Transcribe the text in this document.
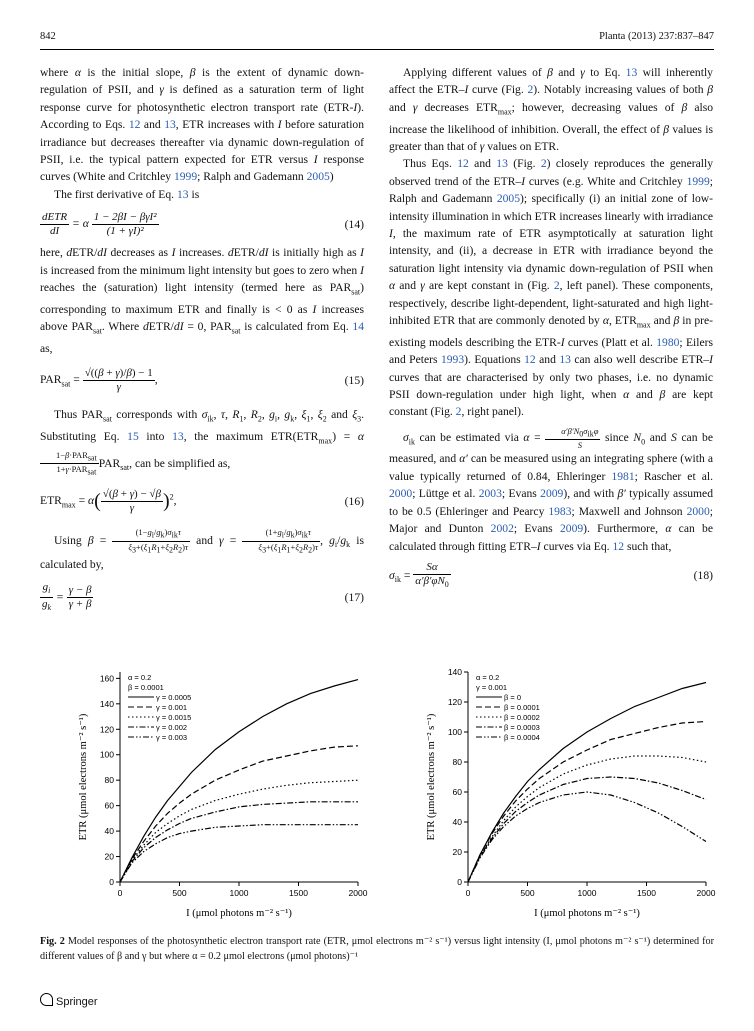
842	Planta (2013) 237:837–847

where α is the initial slope, β is the extent of dynamic down-regulation of PSII, and γ is defined as a saturation term of light response curve for photosynthetic electron transport rate (ETR-I). According to Eqs. 12 and 13, ETR increases with I before saturation irradiance but decreases thereafter via dynamic down-regulation of PSII, i.e. the typical pattern expected for ETR versus I response curves (White and Critchley 1999; Ralph and Gademann 2005)

The first derivative of Eq. 13 is

$\frac{\text{dETR}}{dI} = \alpha \frac{\text{1 − 2βI − βγI²}}{\text{(1 + γI)²}}$	(14)

here, dETR/dI decreases as I increases. dETR/dI is initially high as I is increased from the minimum light intensity but goes to zero when I reaches the (saturation) light intensity (termed here as $PAR_{sat}$) corresponding to maximum ETR and finally is < 0 as I increases above $PAR_{sat}$. Where dETR/dI = 0, $PAR_{sat}$ is calculated from Eq. 14 as,

$PAR_{sat} = \frac{√((\beta + \gamma)/\beta) - 1}{\gamma}$ ,	(15)

Thus $PAR_{sat}$ corresponds with $\sigma_{ik}$, τ, $R_1$, $R_2$, $g_i$, $g_k$, $\xi_1$, $\xi_2$ and $\xi_3$. Substituting Eq. 15 into 13, the maximum $ETR(ETR_{max}) = \alpha$
$\frac{1-\beta\cdot PAR_{sat}}{1+\gamma\cdot PAR_{sat}} PAR_{sat}$, can be simplified as,

$ETR_{max} = \alpha( \frac{√(\beta + \gamma) - √\beta}{\gamma} )^2$,	(16)

Using $\beta = \frac{(1-g_i/g_k)\sigma_{ik}\tau}{\xi_3+(\xi_1R_1+\xi_2R_2)\tau}$ and $\gamma = \frac{(1+g_i/g_k)\sigma_{ik}\tau}{\xi_3+(\xi_1R_1+\xi_2R_2)\tau}$ , $g_i/g_k$ is calculated by,

$\frac{g_i}{g_k} = \frac{\gamma - \beta}{\gamma + \beta}$	(17)

Applying different values of β and γ to Eq. 13 will inherently affect the ETR–I curve (Fig. 2). Notably increasing values of both β and γ decreases $ETR_{max}$; however, decreasing values of β also increase the likelihood of inhibition. Overall, the effect of β values is greater than that of γ values on ETR.

Thus Eqs. 12 and 13 (Fig. 2) closely reproduces the generally observed trend of the ETR–I curves (e.g. White and Critchley 1999; Ralph and Gademann 2005); specifically (i) an initial zone of low-intensity illumination in which ETR increases linearly with irradiance I, the maximum rate of ETR asymptotically at saturation light intensity, and (ii), a decrease in ETR with irradiance beyond the saturation light intensity via dynamic down-regulation of PSII when α and γ are kept constant in (Fig. 2, left panel). These components, respectively, describe light-dependent, light-saturated and high light-inhibited ETR that are commonly denoted by α, $ETR_{max}$ and β in pre-existing models describing the ETR-I curves (Platt et al. 1980; Eilers and Peters 1993). Equations 12 and 13 can also well describe ETR–I curves that are characterised by only two phases, i.e. no dynamic PSII down-regulation under high light, when α and β are kept constant (Fig. 2, right panel).

$\sigma_{ik}$ can be estimated via $\alpha = \frac{\alpha'\beta'N_0\sigma_{ik}\varphi}{S}$ since $N_0$ and S can be measured, and α′ can be measured using an integrating sphere (with a value typically returned of 0.84, Ehleringer 1981; Rascher et al. 2000; Lüttge et al. 2003; Evans 2009), and with β′ typically assumed to be 0.5 (Ehleringer and Pearcy 1983; Maxwell and Johnson 2000; Major and Dunton 2002; Evans 2009). Furthermore, α can be calculated through fitting ETR–I curves via Eq. 12 such that,

$\sigma_{ik} = \frac{S\alpha}{\alpha'\beta'\varphi N_0}$	(18)
0	500	1000	1500	2000
0
20
40
60
80
100
120
140
160
I (μmol photons m⁻² s⁻¹)
ETR (μmol electrons m⁻² s⁻¹)
α = 0.2
β = 0.0001
γ = 0.0005
γ = 0.001
γ = 0.0015
γ = 0.002
γ = 0.003
0	500	1000	1500	2000
0
20
40
60
80
100
120
140
I (μmol photons m⁻² s⁻¹)
ETR (μmol electrons m⁻² s⁻¹)
α = 0.2
γ = 0.001
β = 0
β = 0.0001
β = 0.0002
β = 0.0003
β = 0.0004
Fig. 2 Model responses of the photosynthetic electron transport rate (ETR, μmol electrons m⁻² s⁻¹) versus light intensity (I, μmol photons m⁻² s⁻¹) determined for different values of β and γ but where α = 0.2 μmol electrons (μmol photons)⁻¹
Springer
